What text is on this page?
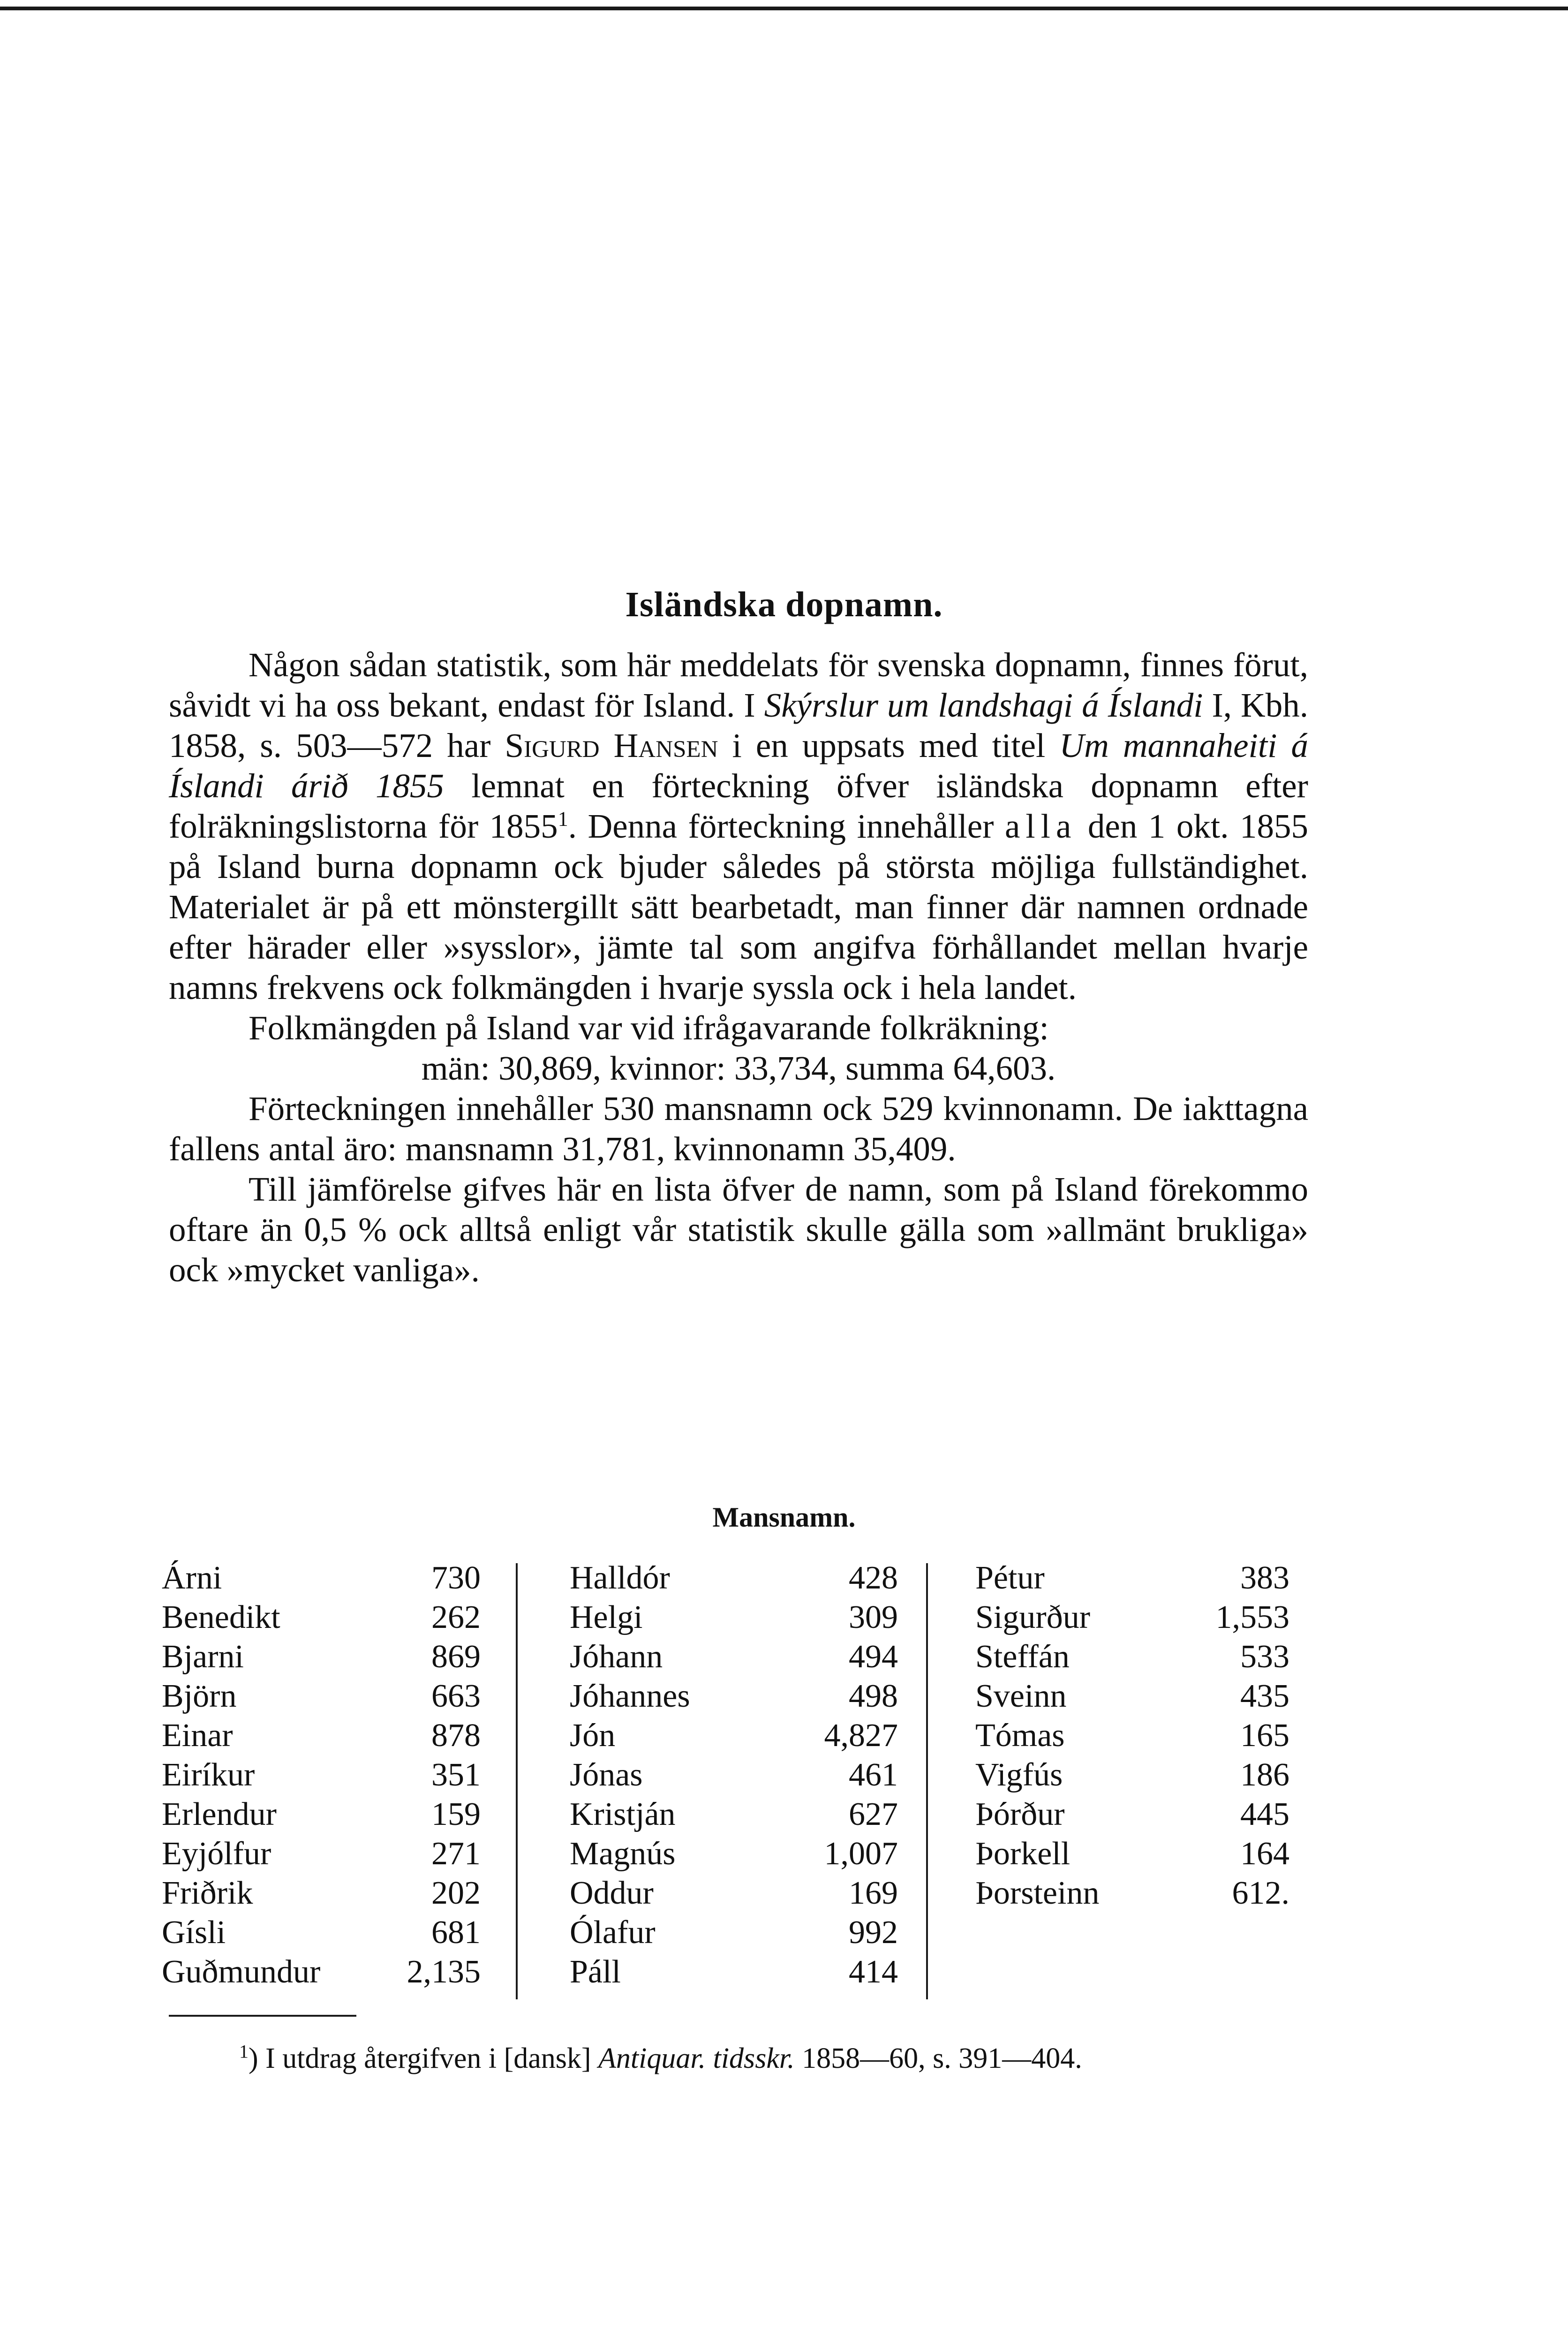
Isländska dopnamn.

Någon sådan statistik, som här meddelats för svenska dopnamn, finnes förut, såvidt vi ha oss bekant, endast för Island. I Skýrslur um landshagi á Íslandi I, Kbh. 1858, s. 503—572 har Sigurd Hansen i en uppsats med titel Um mannaheiti á Íslandi árið 1855 lemnat en förteckning öfver isländska dopnamn efter folräkningslistorna för 1855$^1$. Denna förteckning innehåller alla den 1 okt. 1855 på Island burna dopnamn ock bjuder således på största möjliga fullständighet. Materialet är på ett mönstergillt sätt bearbetadt, man finner där namnen ordnade efter härader eller »sysslor», jämte tal som angifva förhållandet mellan hvarje namns frekvens ock folkmängden i hvarje syssla ock i hela landet.

Folkmängden på Island var vid ifrågavarande folkräkning:

män: 30,869, kvinnor: 33,734, summa 64,603.

Förteckningen innehåller 530 mansnamn ock 529 kvinnonamn. De iakttagna fallens antal äro: mansnamn 31,781, kvinnonamn 35,409.

Till jämförelse gifves här en lista öfver de namn, som på Island förekommo oftare än 0,5 % ock alltså enligt vår statistik skulle gälla som »allmänt brukliga» ock »mycket vanliga».

Mansnamn.
Árni	730
Benedikt	262
Bjarni	869
Björn	663
Einar	878
Eiríkur	351
Erlendur	159
Eyjólfur	271
Friðrik	202
Gísli	681
Guðmundur	2,135
Halldór	428
Helgi	309
Jóhann	494
Jóhannes	498
Jón	4,827
Jónas	461
Kristján	627
Magnús	1,007
Oddur	169
Ólafur	992
Páll	414
Pétur	383
Sigurður	1,553
Steffán	533
Sveinn	435
Tómas	165
Vigfús	186
Þórður	445
Þorkell	164
Þorsteinn	612.

$^1$) I utdrag återgifven i [dansk] Antiquar. tidsskr. 1858—60, s. 391—404.
